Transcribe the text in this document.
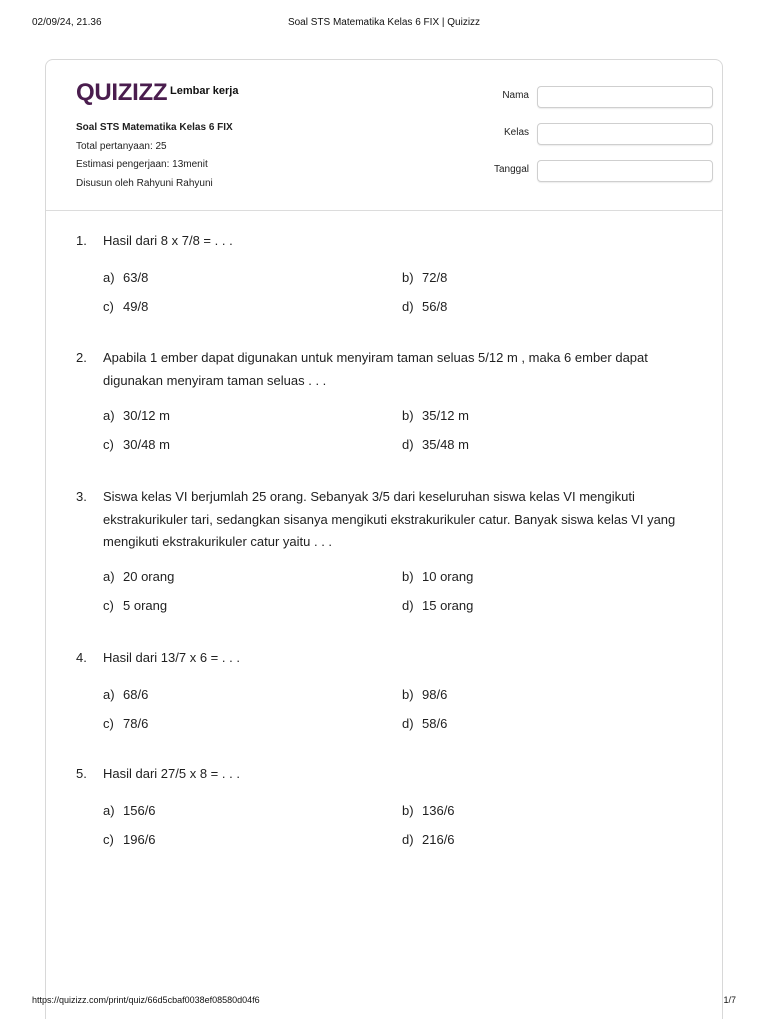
02/09/24, 21.36	Soal STS Matematika Kelas 6 FIX | Quizizz
QUIZIZZ Lembar kerja
Soal STS Matematika Kelas 6 FIX
Total pertanyaan: 25
Estimasi pengerjaan: 13menit
Disusun oleh Rahyuni Rahyuni
Nama
Kelas
Tanggal
1. Hasil dari 8 x 7/8 = . . .
a) 63/8	b) 72/8
c) 49/8	d) 56/8
2. Apabila 1 ember dapat digunakan untuk menyiram taman seluas 5/12 m , maka 6 ember dapat digunakan menyiram taman seluas . . .
a) 30/12 m	b) 35/12 m
c) 30/48 m	d) 35/48 m
3. Siswa kelas VI berjumlah 25 orang. Sebanyak 3/5 dari keseluruhan siswa kelas VI mengikuti ekstrakurikuler tari, sedangkan sisanya mengikuti ekstrakurikuler catur. Banyak siswa kelas VI yang mengikuti ekstrakurikuler catur yaitu . . .
a) 20 orang	b) 10 orang
c) 5 orang	d) 15 orang
4. Hasil dari 13/7 x 6 = . . .
a) 68/6	b) 98/6
c) 78/6	d) 58/6
5. Hasil dari 27/5 x 8 = . . .
a) 156/6	b) 136/6
c) 196/6	d) 216/6
https://quizizz.com/print/quiz/66d5cbaf0038ef08580d04f6	1/7
